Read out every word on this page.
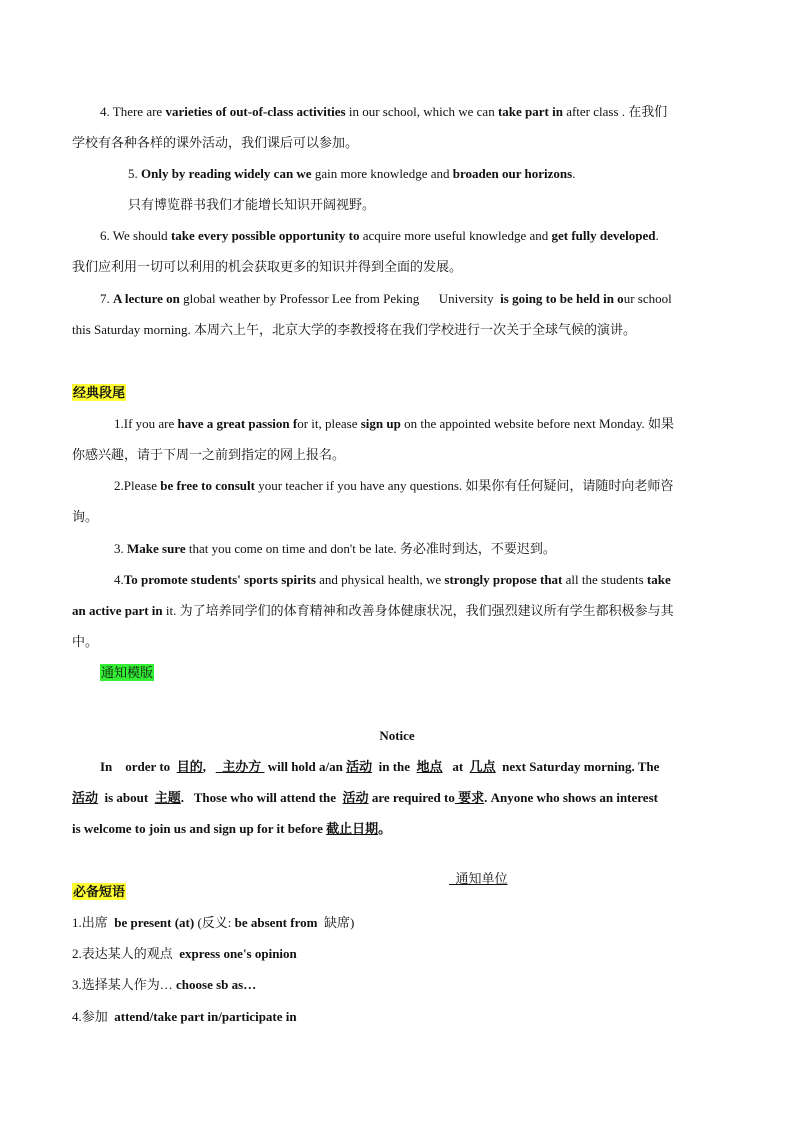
4. There are varieties of out-of-class activities in our school, which we can take part in after class . 在我们
学校有各种各样的课外活动，我们课后可以参加。
5. Only by reading widely can we gain more knowledge and broaden our horizons.
只有博览群书我们才能增长知识开阔视野。
6. We should take every possible opportunity to acquire more useful knowledge and get fully developed.
我们应利用一切可以利用的机会获取更多的知识并得到全面的发展。
7. A lecture on global weather by Professor Lee from Peking      University  is going to be held in our school
this Saturday morning. 本周六上午，北京大学的李教授将在我们学校进行一次关于全球气候的演讲。
经典段尾
1.If you are have a great passion for it, please sign up on the appointed website before next Monday. 如果
你感兴趣，请于下周一之前到指定的网上报名。
2.Please be free to consult your teacher if you have any questions. 如果你有任何疑问，请随时向老师咨
询。
3. Make sure that you come on time and don't be late. 务必准时到达，不要迟到。
4.To promote students' sports spirits and physical health, we strongly propose that all the students take
an active part in it. 为了培养同学们的体育精神和改善身体健康状况，我们强烈建议所有学生都积极参与其
中。
通知模版
Notice
In    order to  目的,     主办方  will hold a/an 活动  in the  地点   at  几点  next Saturday morning. The
活动  is about  主题.   Those who will attend the  活动 are required to 要求. Anyone who shows an interest
is welcome to join us and sign up for it before 截止日期。

通知单位

必备短语
1.出席  be present (at) (反义: be absent from  缺席)
2.表达某人的观点  express one's opinion
3.选择某人作为… choose sb as…
4.参加  attend/take part in/participate in
